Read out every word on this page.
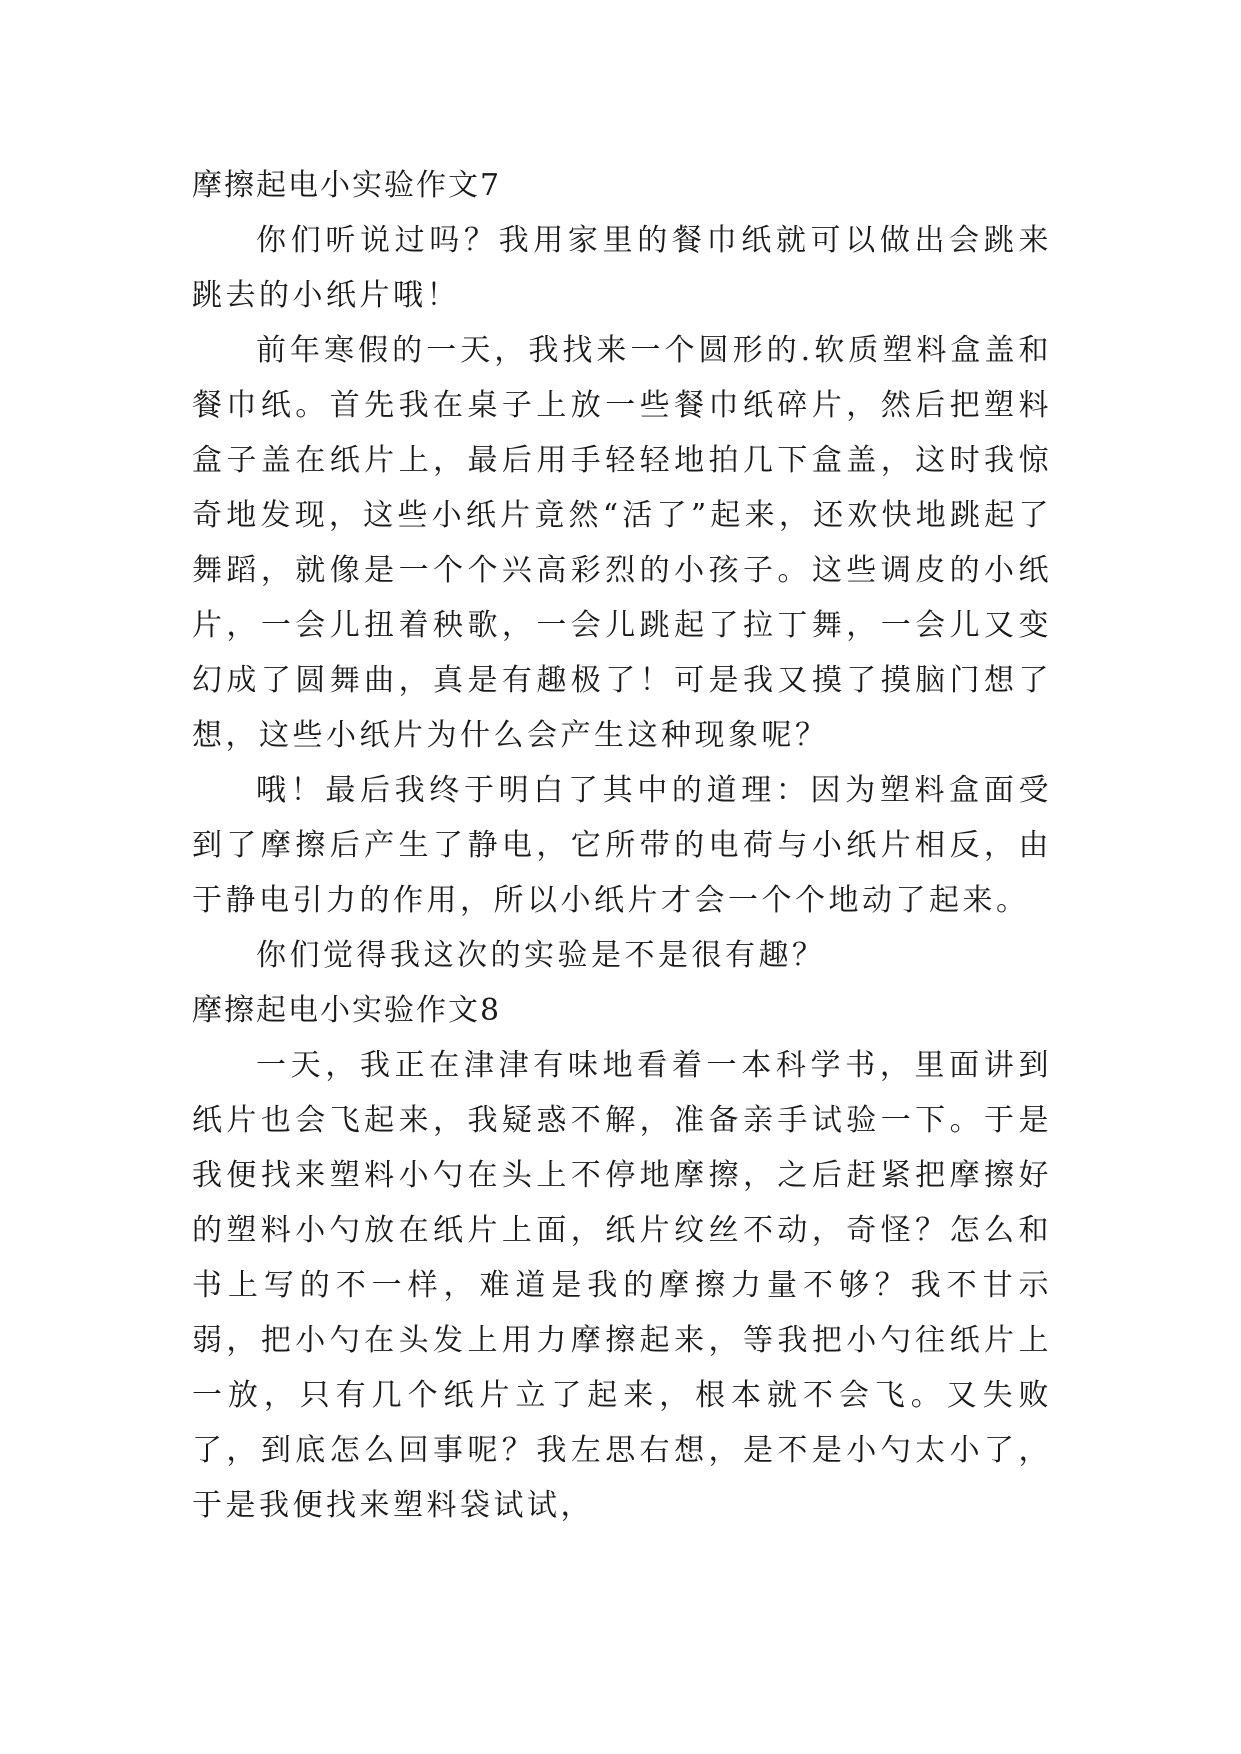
摩擦起电小实验作文7

你们听说过吗？我用家里的餐巾纸就可以做出会跳来跳去的小纸片哦！

前年寒假的一天，我找来一个圆形的.软质塑料盒盖和餐巾纸。首先我在桌子上放一些餐巾纸碎片，然后把塑料盒子盖在纸片上，最后用手轻轻地拍几下盒盖，这时我惊奇地发现，这些小纸片竟然“活了”起来，还欢快地跳起了舞蹈，就像是一个个兴高彩烈的小孩子。这些调皮的小纸片，一会儿扭着秧歌，一会儿跳起了拉丁舞，一会儿又变幻成了圆舞曲，真是有趣极了！可是我又摸了摸脑门想了想，这些小纸片为什么会产生这种现象呢？

哦！最后我终于明白了其中的道理：因为塑料盒面受到了摩擦后产生了静电，它所带的电荷与小纸片相反，由于静电引力的作用，所以小纸片才会一个个地动了起来。

你们觉得我这次的实验是不是很有趣？

摩擦起电小实验作文8

一天，我正在津津有味地看着一本科学书，里面讲到纸片也会飞起来，我疑惑不解，准备亲手试验一下。于是我便找来塑料小勺在头上不停地摩擦，之后赶紧把摩擦好的塑料小勺放在纸片上面，纸片纹丝不动，奇怪？怎么和书上写的不一样，难道是我的摩擦力量不够？我不甘示弱，把小勺在头发上用力摩擦起来，等我把小勺往纸片上一放，只有几个纸片立了起来，根本就不会飞。又失败了，到底怎么回事呢？我左思右想，是不是小勺太小了，于是我便找来塑料袋试试，
